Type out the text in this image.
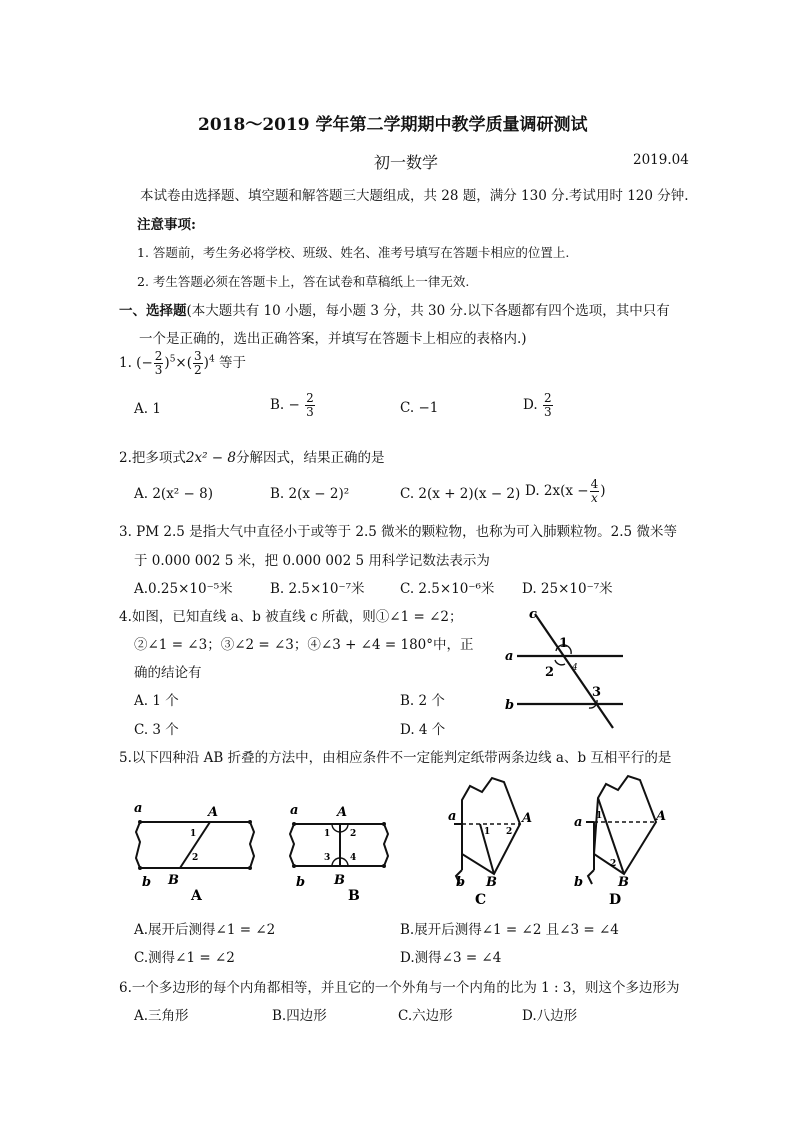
2018～2019 学年第二学期期中教学质量调研测试
初一数学	2019.04
本试卷由选择题、填空题和解答题三大题组成，共 28 题，满分 130 分.考试用时 120 分钟.
注意事项:
1. 答题前，考生务必将学校、班级、姓名、准考号填写在答题卡相应的位置上.
2. 考生答题必须在答题卡上，答在试卷和草稿纸上一律无效.
一、选择题(本大题共有 10 小题，每小题 3 分，共 30 分.以下各题都有四个选项，其中只有
一个是正确的，选出正确答案，并填写在答题卡上相应的表格内.)
1. (− $\frac{2}{3} )^5\times( \frac{3}{2} )^4$ 等于
A. 1	B. − $\frac{2}{3}$	C. −1	D. $\frac{2}{3}$
2.把多项式2x² − 8分解因式，结果正确的是
A. 2(x² − 8)	B. 2(x − 2)²	C. 2(x + 2)(x − 2) D. $2x(x - \frac{4}{x}$ )
3. PM 2.5 是指大气中直径小于或等于 2.5 微米的颗粒物，也称为可入肺颗粒物。2.5 微米等
于 0.000 002 5 米，把 0.000 002 5 用科学记数法表示为
A.0.25×10⁻⁵米	B. 2.5×10⁻⁷米	C. 2.5×10⁻⁶米 D. 25×10⁻⁷米
4.如图，已知直线 a、b 被直线 c 所截，则①∠1 = ∠2；
②∠1 = ∠3；③∠2 = ∠3；④∠3 + ∠4 = 180°中，正
确的结论有
A. 1 个	B. 2 个
C. 3 个	D. 4 个
c
a
b
1
2
3
4
5.以下四种沿 AB 折叠的方法中，由相应条件不一定能判定纸带两条边线 a、b 互相平行的是
a	A
b B
1
2
A
a	A
b B
1 2
3 4
B
a	A
b B
1 2
C
a	A
b	B
1
2
D
A.展开后测得∠1 = ∠2	B.展开后测得∠1 = ∠2 且∠3 = ∠4
C.测得∠1 = ∠2	D.测得∠3 = ∠4
6.一个多边形的每个内角都相等，并且它的一个外角与一个内角的比为 1 : 3，则这个多边形为
A.三角形	B.四边形	C.六边形	D.八边形
